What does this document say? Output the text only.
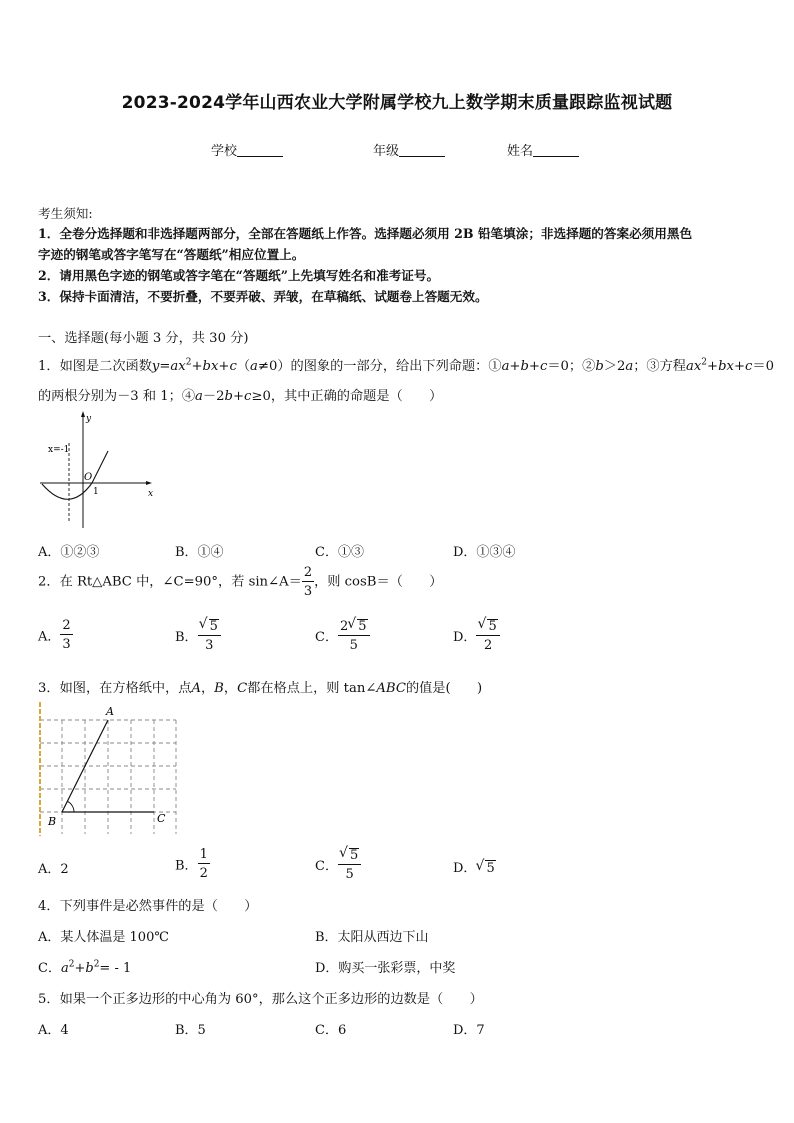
2023-2024学年山西农业大学附属学校九上数学期末质量跟踪监视试题
学校	年级	姓名
考生须知:
1．全卷分选择题和非选择题两部分，全部在答题纸上作答。选择题必须用 2B 铅笔填涂；非选择题的答案必须用黑色
字迹的钢笔或答字笔写在“答题纸”相应位置上。
2．请用黑色字迹的钢笔或答字笔在“答题纸”上先填写姓名和准考证号。
3．保持卡面清洁，不要折叠，不要弄破、弄皱，在草稿纸、试题卷上答题无效。
一、选择题(每小题 3 分，共 30 分)
1．如图是二次函数$y=ax^2+bx+c(a\ne 0)$的图象的一部分，给出下列命题：①a+b+c＝0；②b＞2a；③方程$ax^2+bx+c=0$
的两根分别为－3 和 1；④a－2b+c≥0，其中正确的命题是（　　）
x=-1
y
x
O
1
A．①②③	B．①④	C．①③	D．①③④
2．在 Rt△ABC 中，∠C=90°，若 sin∠A＝ $\frac{2}{3}$ ，则 cosB＝（　　）
A． $\frac{2}{3}$	B． √ $\frac{5}{3}$	C． $\frac{2 √ 5}{5}$	D． √ $\frac{5}{2}$
3．如图，在方格纸中，点A，B，C都在格点上，则 tan∠ABC的值是(　　)
A
B	C
A．2	B． $\frac{1}{2}$	C． √ $\frac{5}{5}$	D． √ 5
4．下列事件是必然事件的是（　　）
A．某人体温是 100℃	B．太阳从西边下山
C．$a^2+b^2= - 1$	D．购买一张彩票，中奖
5．如果一个正多边形的中心角为 60°，那么这个正多边形的边数是（　　）
A．4	B．5	C．6	D．7
